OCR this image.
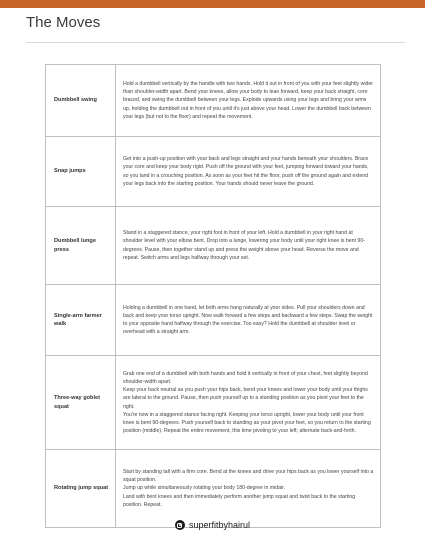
The Moves
Dumbbell swing	Hold a dumbbell vertically by the handle with two hands. Hold it out in front of you with your feet slightly wider than shoulder-width apart. Bend your knees, allow your body to lean forward, keep your back straight, core braced, and swing the dumbbell between your legs. Explode upwards using your legs and bring your arms up, holding the dumbbell out in front of you until it's just above your head. Lower the dumbbell back between your legs (but not to the floor) and repeat the movement.
Snap jumps	Get into a push-up position with your back and legs straight and your hands beneath your shoulders. Brace your core and keep your body rigid. Push off the ground with your feet, jumping forward toward your hands, so you land in a crouching position. As soon as your feet hit the floor, push off the ground again and extend your legs back into the starting position. Your hands should never leave the ground.
Dumbbell lunge press	Stand in a staggered stance, your right foot in front of your left. Hold a dumbbell in your right hand at shoulder level with your elbow bent. Drop into a lunge, lowering your body until your right knee is bent 90-degrees. Pause, then together stand up and press the weight above your head. Reverse the move and repeat. Switch arms and legs halfway through your set.
Single-arm farmer walk	Holding a dumbbell in one hand, let both arms hang naturally at your sides. Pull your shoulders down and back and keep your torso upright. Now walk forward a few steps and backward a few steps. Swap the weight to your opposite hand halfway through the exercise. Too easy? Hold the dumbbell at shoulder level or overhead with a straight arm.
Three-way goblet squat	Grab one end of a dumbbell with both hands and hold it vertically in front of your chest, feet slightly beyond shoulder-width apart.
Keep your back neutral as you push your hips back, bend your knees and lower your body until your thighs are lateral to the ground. Pause, then push yourself up to a standing position as you pivot your feet to the right.
You're now in a staggered stance facing right. Keeping your torso upright, lower your body until your front knee is bent 90-degrees. Push yourself back to standing as your pivot your feet, so you return to the starting position (middle). Repeat the entire movement, this time pivoting to your left; alternate back-and-forth.
Rotating jump squat	Start by standing tall with a firm core. Bend at the knees and drive your hips back as you lower yourself into a squat position.
Jump up while simultaneously rotating your body 180-degree in midair.
Land with bent knees and then immediately perform another jump squat and twist back to the starting position. Repeat.
superfitbyhairul
